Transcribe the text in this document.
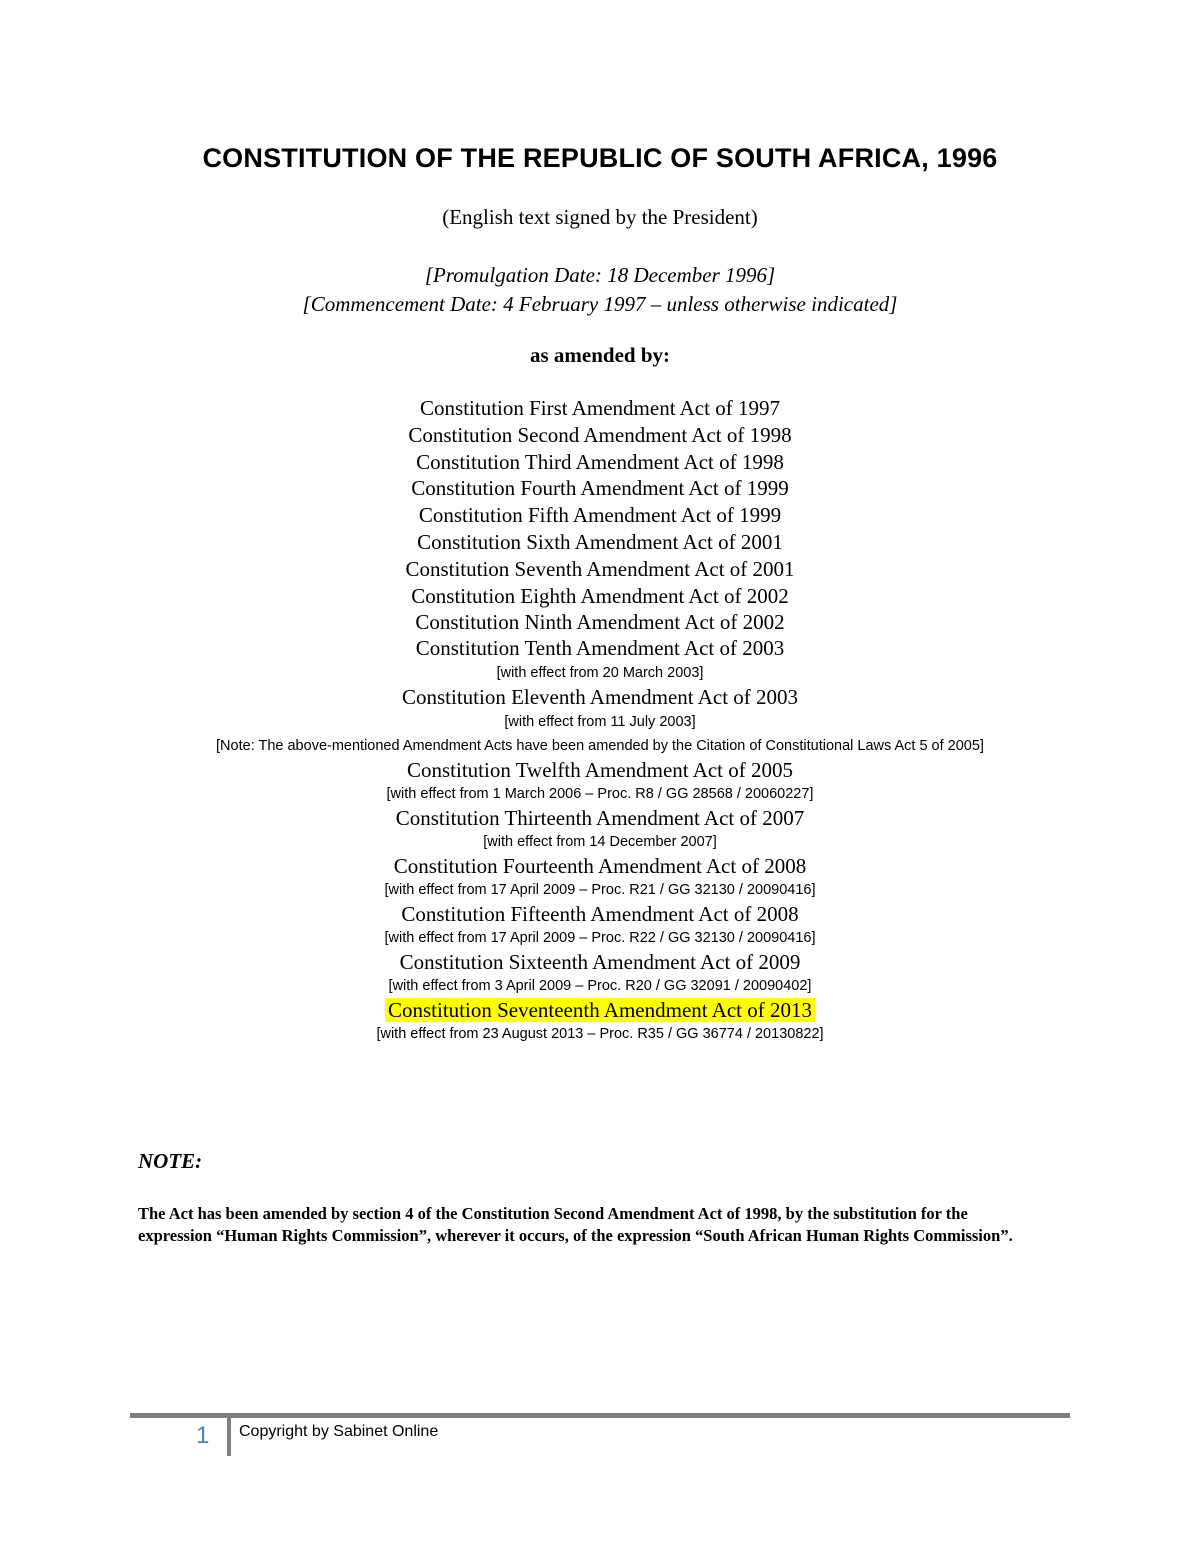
CONSTITUTION OF THE REPUBLIC OF SOUTH AFRICA, 1996
(English text signed by the President)
[Promulgation Date: 18 December 1996]
[Commencement Date: 4 February 1997 – unless otherwise indicated]
as amended by:
Constitution First Amendment Act of 1997
Constitution Second Amendment Act of 1998
Constitution Third Amendment Act of 1998
Constitution Fourth Amendment Act of 1999
Constitution Fifth Amendment Act of 1999
Constitution Sixth Amendment Act of 2001
Constitution Seventh Amendment Act of 2001
Constitution Eighth Amendment Act of 2002
Constitution Ninth Amendment Act of 2002
Constitution Tenth Amendment Act of 2003
[with effect from 20 March 2003]
Constitution Eleventh Amendment Act of 2003
[with effect from 11 July 2003]
[Note: The above-mentioned Amendment Acts have been amended by the Citation of Constitutional Laws Act 5 of 2005]
Constitution Twelfth Amendment Act of 2005
[with effect from 1 March 2006 – Proc. R8 / GG 28568 / 20060227]
Constitution Thirteenth Amendment Act of 2007
[with effect from 14 December 2007]
Constitution Fourteenth Amendment Act of 2008
[with effect from 17 April 2009 – Proc. R21 / GG 32130 / 20090416]
Constitution Fifteenth Amendment Act of 2008
[with effect from 17 April 2009 – Proc. R22 / GG 32130 / 20090416]
Constitution Sixteenth Amendment Act of 2009
[with effect from 3 April 2009 – Proc. R20 / GG 32091 / 20090402]
Constitution Seventeenth Amendment Act of 2013
[with effect from 23 August 2013 – Proc. R35 / GG 36774 / 20130822]
NOTE:
The Act has been amended by section 4 of the Constitution Second Amendment Act of 1998, by the substitution for the expression “Human Rights Commission”, wherever it occurs, of the expression “South African Human Rights Commission”.
1 Copyright by Sabinet Online
